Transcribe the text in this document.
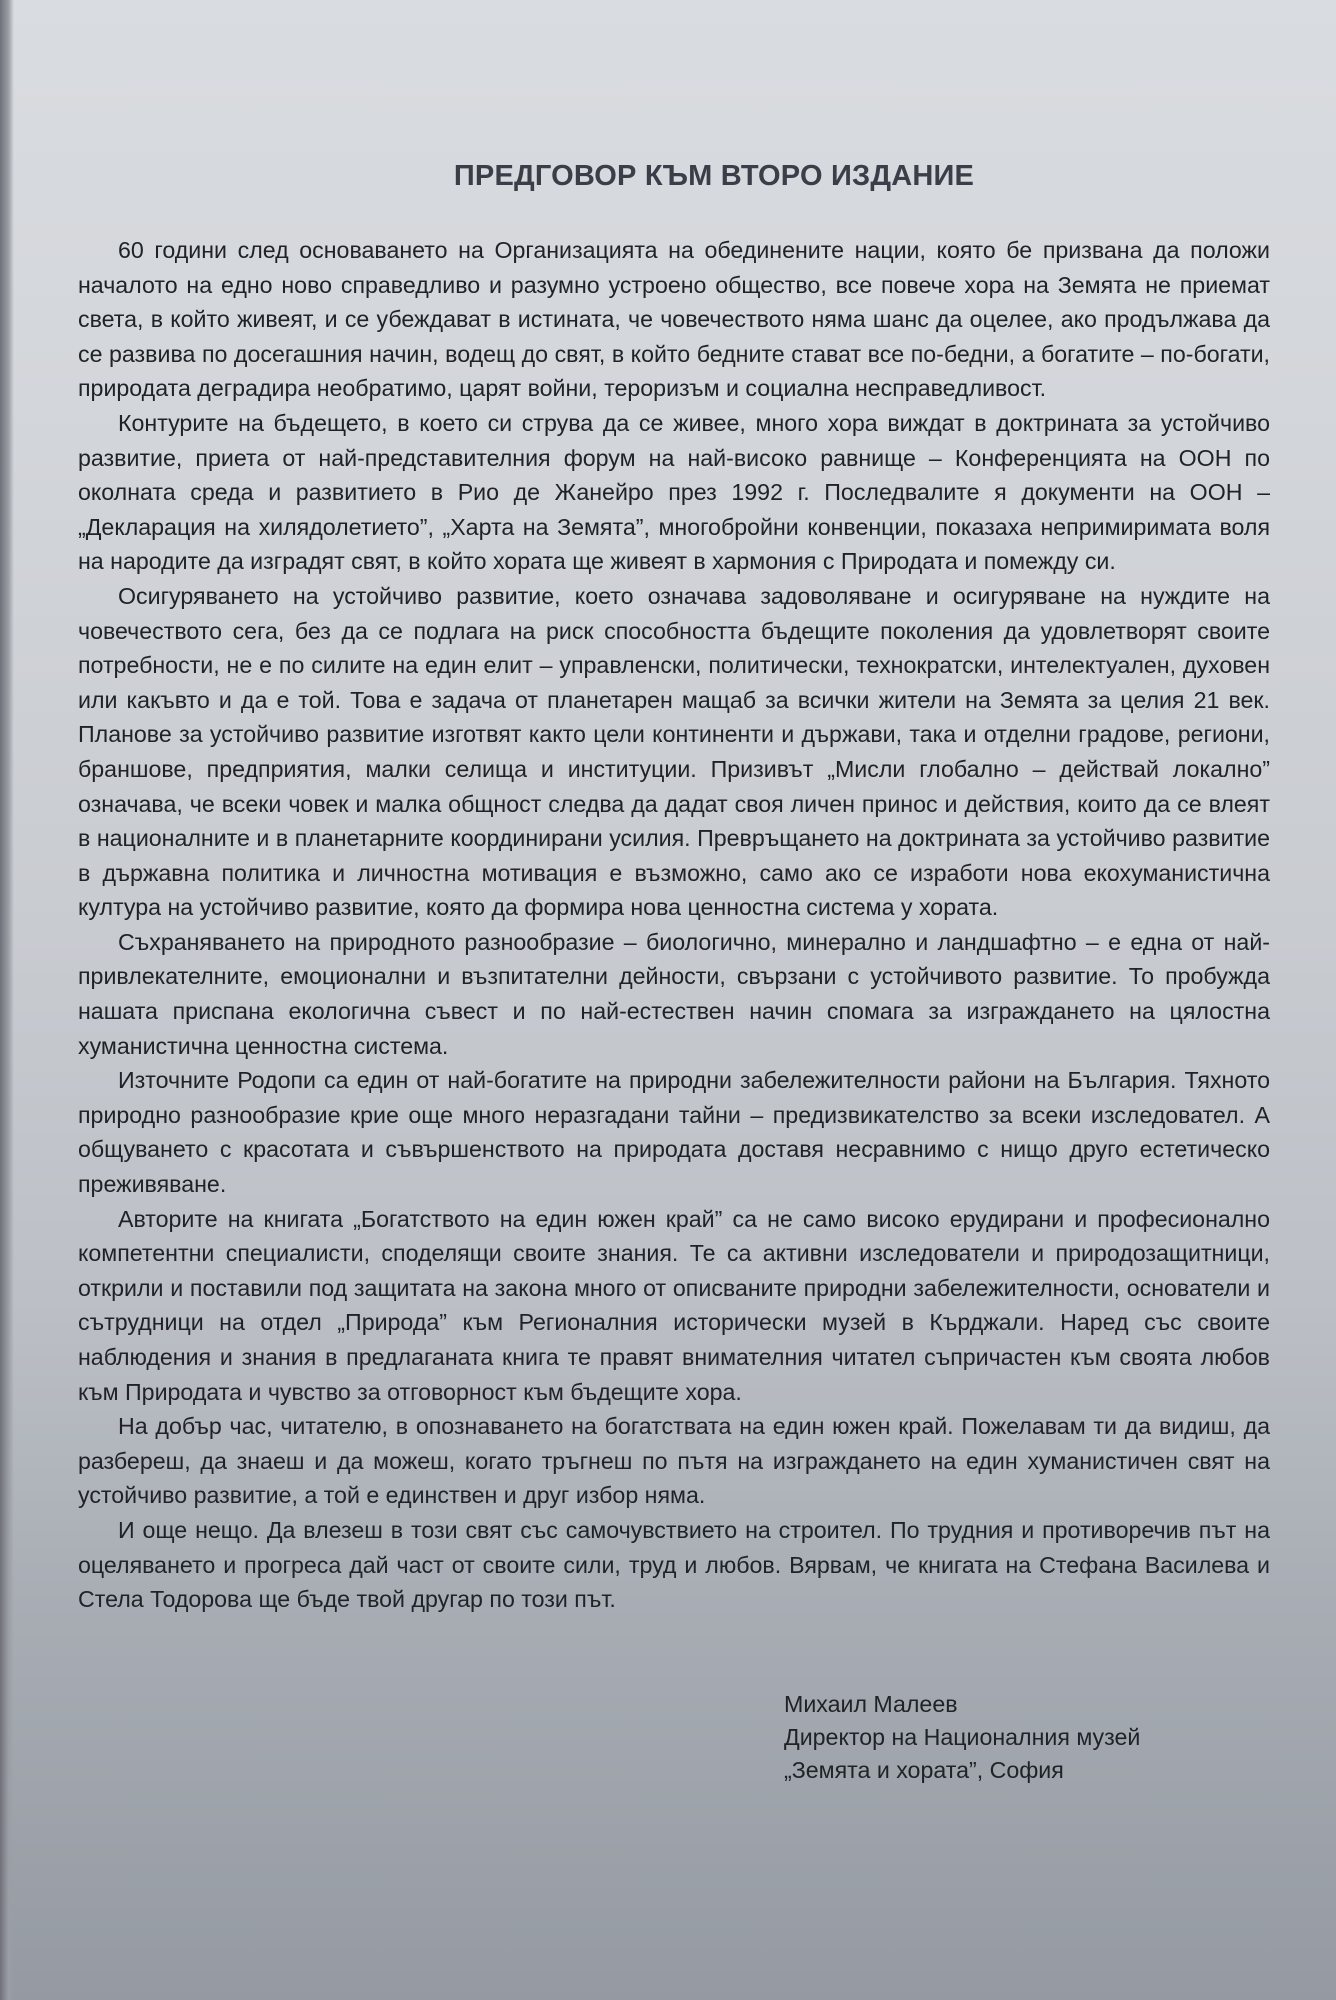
ПРЕДГОВОР КЪМ ВТОРО ИЗДАНИЕ

60 години след основаването на Организацията на обединените нации, която бе призвана да положи началото на едно ново справедливо и разумно устроено общество, все повече хора на Земята не приемат света, в който живеят, и се убеждават в истината, че човечеството няма шанс да оцелее, ако продължава да се развива по досегашния начин, водещ до свят, в който бедните стават все по-бедни, а богатите – по-богати, природата деградира необратимо, царят войни, тероризъм и социална несправедливост.

Контурите на бъдещето, в което си струва да се живее, много хора виждат в доктрината за устойчиво развитие, приета от най-представителния форум на най-високо равнище – Конференцията на ООН по околната среда и развитието в Рио де Жанейро през 1992 г. Последвалите я документи на ООН – „Декларация на хилядолетието”, „Харта на Земята”, многобройни конвенции, показаха непримиримата воля на народите да изградят свят, в който хората ще живеят в хармония с Природата и помежду си.

Осигуряването на устойчиво развитие, което означава задоволяване и осигуряване на нуждите на човечеството сега, без да се подлага на риск способността бъдещите поколения да удовлетворят своите потребности, не е по силите на един елит – управленски, политически, технократски, интелектуален, духовен или какъвто и да е той. Това е задача от планетарен мащаб за всички жители на Земята за целия 21 век. Планове за устойчиво развитие изготвят както цели континенти и държави, така и отделни градове, региони, браншове, предприятия, малки селища и институции. Призивът „Мисли глобално – действай локално” означава, че всеки човек и малка общност следва да дадат своя личен принос и действия, които да се влеят в националните и в планетарните координирани усилия. Превръщането на доктрината за устойчиво развитие в държавна политика и личностна мотивация е възможно, само ако се изработи нова екохуманистична култура на устойчиво развитие, която да формира нова ценностна система у хората.

Съхраняването на природното разнообразие – биологично, минерално и ландшафтно – е една от най-привлекателните, емоционални и възпитателни дейности, свързани с устойчивото развитие. То пробужда нашата приспана екологична съвест и по най-естествен начин спомага за изграждането на цялостна хуманистична ценностна система.

Източните Родопи са един от най-богатите на природни забележителности райони на България. Тяхното природно разнообразие крие още много неразгадани тайни – предизвикателство за всеки изследовател. А общуването с красотата и съвършенството на природата доставя несравнимо с нищо друго естетическо преживяване.

Авторите на книгата „Богатството на един южен край” са не само високо ерудирани и професионално компетентни специалисти, споделящи своите знания. Те са активни изследователи и природозащитници, открили и поставили под защитата на закона много от описваните природни забележителности, основатели и сътрудници на отдел „Природа” към Регионалния исторически музей в Кърджали. Наред със своите наблюдения и знания в предлаганата книга те правят внимателния читател съпричастен към своята любов към Природата и чувство за отговорност към бъдещите хора.

На добър час, читателю, в опознаването на богатствата на един южен край. Пожелавам ти да видиш, да разбереш, да знаеш и да можеш, когато тръгнеш по пътя на изграждането на един хуманистичен свят на устойчиво развитие, а той е единствен и друг избор няма.

И още нещо. Да влезеш в този свят със самочувствието на строител. По трудния и противоречив път на оцеляването и прогреса дай част от своите сили, труд и любов. Вярвам, че книгата на Стефана Василева и Стела Тодорова ще бъде твой другар по този път.

Михаил Малеев
Директор на Националния музей
„Земята и хората”, София
